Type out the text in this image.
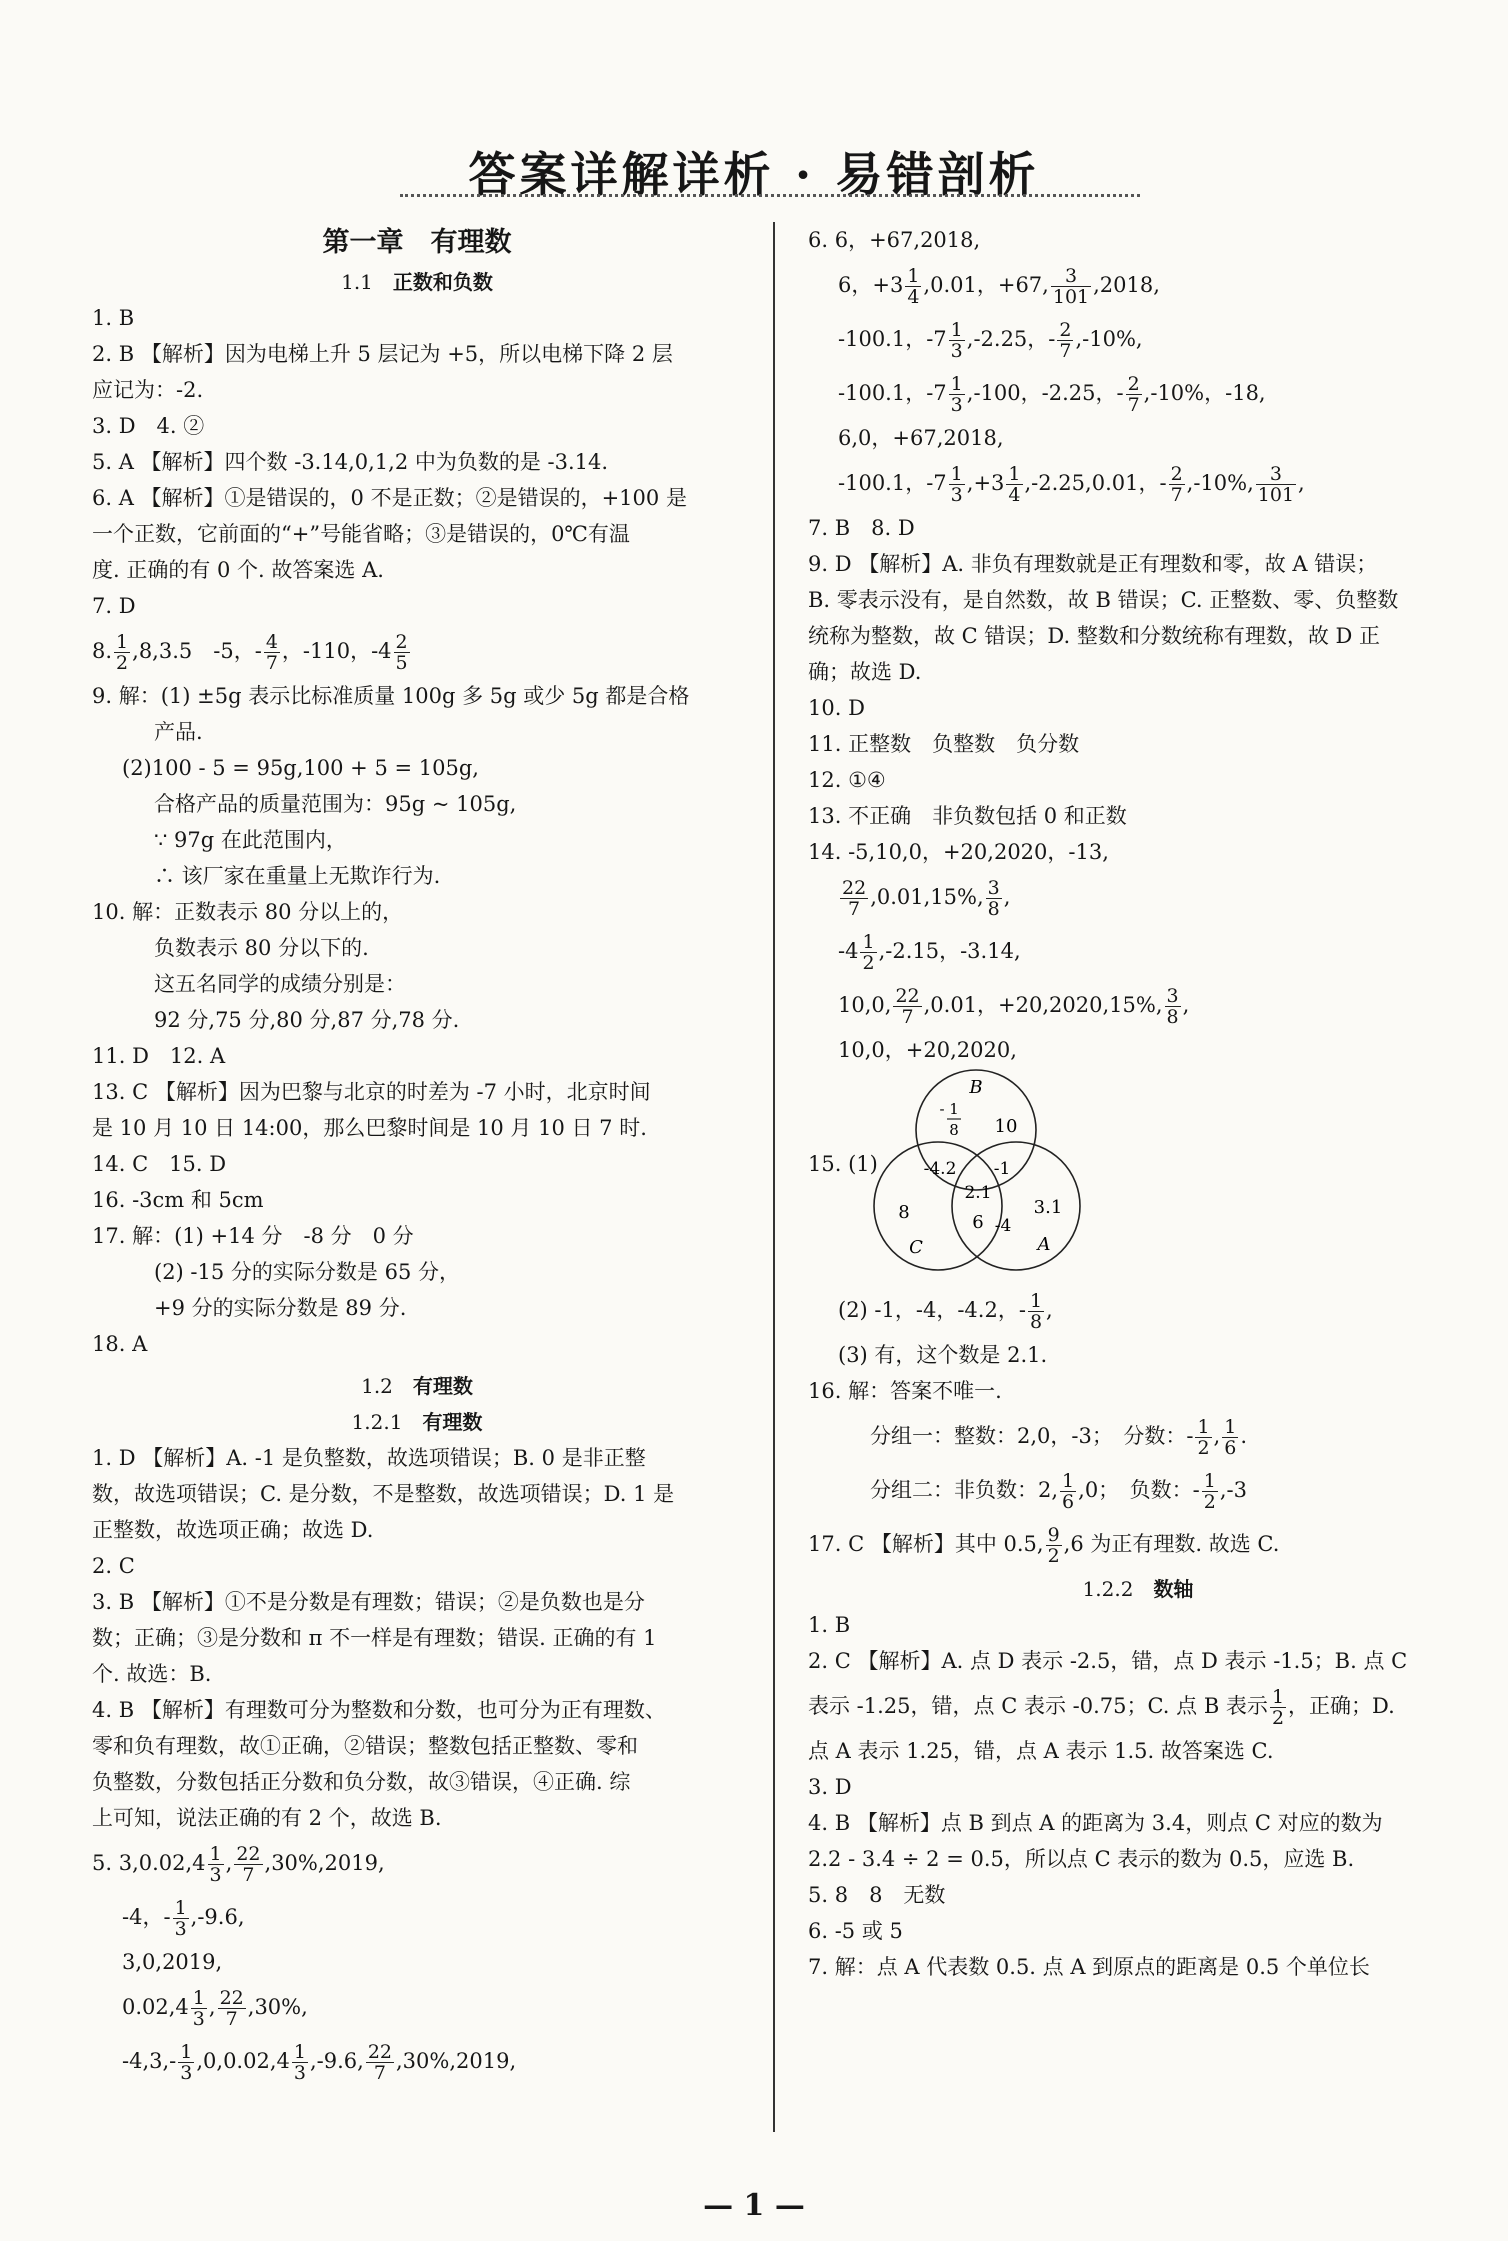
答案详解详析 · 易错剖析
第一章　有理数
1.1 正数和负数
1. B
2. B 【解析】因为电梯上升 5 层记为 +5，所以电梯下降 2 层
应记为：-2.
3. D　4. ②
5. A 【解析】四个数 -3.14,0,1,2 中为负数的是 -3.14.
6. A 【解析】①是错误的，0 不是正数；②是错误的，+100 是
一个正数，它前面的“+”号能省略；③是错误的，0℃有温
度. 正确的有 0 个. 故答案选 A.
7. D
8. $\frac{1}{2} ,8,3.5$　-5，- $\frac{4}{7}$ ，-110，$-4 \frac{2}{5}$
9. 解：(1) ±5g 表示比标准质量 100g 多 5g 或少 5g 都是合格
产品.
(2)100 - 5 = 95g,100 + 5 = 105g,
合格产品的质量范围为：95g ~ 105g,
∵ 97g 在此范围内，
∴ 该厂家在重量上无欺诈行为.
10. 解：正数表示 80 分以上的，
负数表示 80 分以下的.
这五名同学的成绩分别是：
92 分,75 分,80 分,87 分,78 分.
11. D　12. A
13. C 【解析】因为巴黎与北京的时差为 -7 小时，北京时间
是 10 月 10 日 14:00，那么巴黎时间是 10 月 10 日 7 时.
14. C　15. D
16. -3cm 和 5cm
17. 解：(1) +14 分　-8 分　0 分
(2) -15 分的实际分数是 65 分，
+9 分的实际分数是 89 分.
18. A
1.2 有理数
1.2.1 有理数
1. D 【解析】A. -1 是负整数，故选项错误；B. 0 是非正整
数，故选项错误；C. 是分数，不是整数，故选项错误；D. 1 是
正整数，故选项正确；故选 D.
2. C
3. B 【解析】①不是分数是有理数；错误；②是负数也是分
数；正确；③是分数和 π 不一样是有理数；错误. 正确的有 1
个. 故选：B.
4. B 【解析】有理数可分为整数和分数，也可分为正有理数、
零和负有理数，故①正确，②错误；整数包括正整数、零和
负整数，分数包括正分数和负分数，故③错误，④正确. 综
上可知，说法正确的有 2 个，故选 B.
5. $3,0.02,4 \frac{1}{3}$ , $\frac{22}{7} ,30\%,2019$,
-4，- $\frac{1}{3} ,-9.6$,
3,0,2019,
$0.02,4 \frac{1}{3}$ , $\frac{22}{7} ,30\%$,
$-4,3,- \frac{1}{3} ,0,0.02,4 \frac{1}{3} ,-9.6$, $\frac{22}{7} ,30\%,2019$,
6. 6，+67,2018,
6，$+3 \frac{1}{4} ,0.01$，+67, $\frac{3}{101} ,2018$,
-100.1，$-7 \frac{1}{3} ,-2.25$，- $\frac{2}{7} ,-10\%$,
-100.1，$-7 \frac{1}{3} ,-100$，-2.25，- $\frac{2}{7} ,-10\%$，-18,
6,0，+67,2018,
-100.1，$-7 \frac{1}{3} ,+3 \frac{1}{4} ,-2.25,0.01$，- $\frac{2}{7} ,-10\%$, $\frac{3}{101}$ ,
7. B　8. D
9. D 【解析】A. 非负有理数就是正有理数和零，故 A 错误；
B. 零表示没有，是自然数，故 B 错误；C. 正整数、零、负整数
统称为整数，故 C 错误；D. 整数和分数统称有理数，故 D 正
确；故选 D.
10. D
11. 正整数　负整数　负分数
12. ①④
13. 不正确　非负数包括 0 和正数
14. -5,10,0，+20,2020，-13,
$\frac{22}{7} ,0.01,15\%$, $\frac{3}{8}$ ,
$-4 \frac{1}{2} ,-2.15$，-3.14,
10,0, $\frac{22}{7} ,0.01$，+20,2020,15%, $\frac{3}{8}$ ,
10,0，+20,2020,
15. (1)
B
- 1
8 10
-4.2 -1
2.1
8	6 -4
3.1
C	A
(2) -1，-4，-4.2，- $\frac{1}{8}$ ,
(3) 有，这个数是 2.1.
16. 解：答案不唯一.
分组一：整数：2,0，-3；　分数：- $\frac{1}{2}$ , $\frac{1}{6}$ .
分组二：非负数：2, $\frac{1}{6} ,0$；　负数：- $\frac{1}{2} ,-3$
17. C 【解析】其中 0.5, $\frac{9}{2} ,6$ 为正有理数. 故选 C.
1.2.2 数轴
1. B
2. C 【解析】A. 点 D 表示 -2.5，错，点 D 表示 -1.5；B. 点 C
表示 -1.25，错，点 C 表示 -0.75；C. 点 B 表示 $\frac{1}{2}$ ，正确；D.
点 A 表示 1.25，错，点 A 表示 1.5. 故答案选 C.
3. D
4. B 【解析】点 B 到点 A 的距离为 3.4，则点 C 对应的数为
2.2 - 3.4 ÷ 2 = 0.5，所以点 C 表示的数为 0.5，应选 B.
5. 8　8　无数
6. -5 或 5
7. 解：点 A 代表数 0.5. 点 A 到原点的距离是 0.5 个单位长
— 1 —
